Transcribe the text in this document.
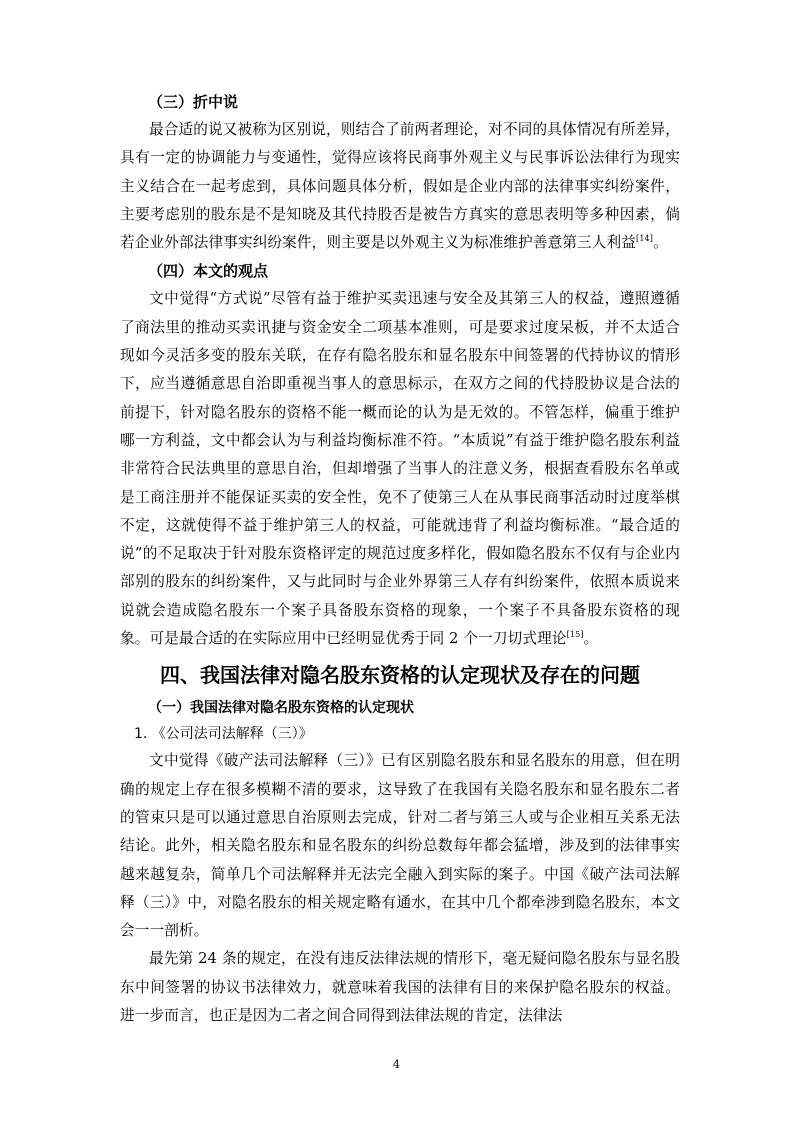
（三）折中说

最合适的说又被称为区别说，则结合了前两者理论，对不同的具体情况有所差异，具有一定的协调能力与变通性，觉得应该将民商事外观主义与民事诉讼法律行为现实主义结合在一起考虑到，具体问题具体分析，假如是企业内部的法律事实纠纷案件，主要考虑别的股东是不是知晓及其代持股否是被告方真实的意思表明等多种因素，倘若企业外部法律事实纠纷案件，则主要是以外观主义为标准维护善意第三人利益[14]。

（四）本文的观点

文中觉得“方式说”尽管有益于维护买卖迅速与安全及其第三人的权益，遵照遵循了商法里的推动买卖讯捷与资金安全二项基本准则，可是要求过度呆板，并不太适合现如今灵活多变的股东关联，在存有隐名股东和显名股东中间签署的代持协议的情形下，应当遵循意思自治即重视当事人的意思标示，在双方之间的代持股协议是合法的前提下，针对隐名股东的资格不能一概而论的认为是无效的。不管怎样，偏重于维护哪一方利益，文中都会认为与利益均衡标准不符。“本质说”有益于维护隐名股东利益非常符合民法典里的意思自治，但却增强了当事人的注意义务，根据查看股东名单或是工商注册并不能保证买卖的安全性，免不了使第三人在从事民商事活动时过度举棋不定，这就使得不益于维护第三人的权益，可能就违背了利益均衡标准。“最合适的说”的不足取决于针对股东资格评定的规范过度多样化，假如隐名股东不仅有与企业内部别的股东的纠纷案件，又与此同时与企业外界第三人存有纠纷案件，依照本质说来说就会造成隐名股东一个案子具备股东资格的现象，一个案子不具备股东资格的现象。可是最合适的在实际应用中已经明显优秀于同 2 个一刀切式理论[15]。

四、我国法律对隐名股东资格的认定现状及存在的问题
（一）我国法律对隐名股东资格的认定现状
1. 《公司法司法解释（三）》

文中觉得《破产法司法解释（三）》已有区别隐名股东和显名股东的用意，但在明确的规定上存在很多模糊不清的要求，这导致了在我国有关隐名股东和显名股东二者的管束只是可以通过意思自治原则去完成，针对二者与第三人或与企业相互关系无法结论。此外，相关隐名股东和显名股东的纠纷总数每年都会猛增，涉及到的法律事实越来越复杂，简单几个司法解释并无法完全融入到实际的案子。中国《破产法司法解释（三）》中，对隐名股东的相关规定略有通水，在其中几个都牵涉到隐名股东，本文会一一剖析。

最先第 24 条的规定，在没有违反法律法规的情形下，毫无疑问隐名股东与显名股东中间签署的协议书法律效力，就意味着我国的法律有目的来保护隐名股东的权益。进一步而言，也正是因为二者之间合同得到法律法规的肯定，法律法

4
